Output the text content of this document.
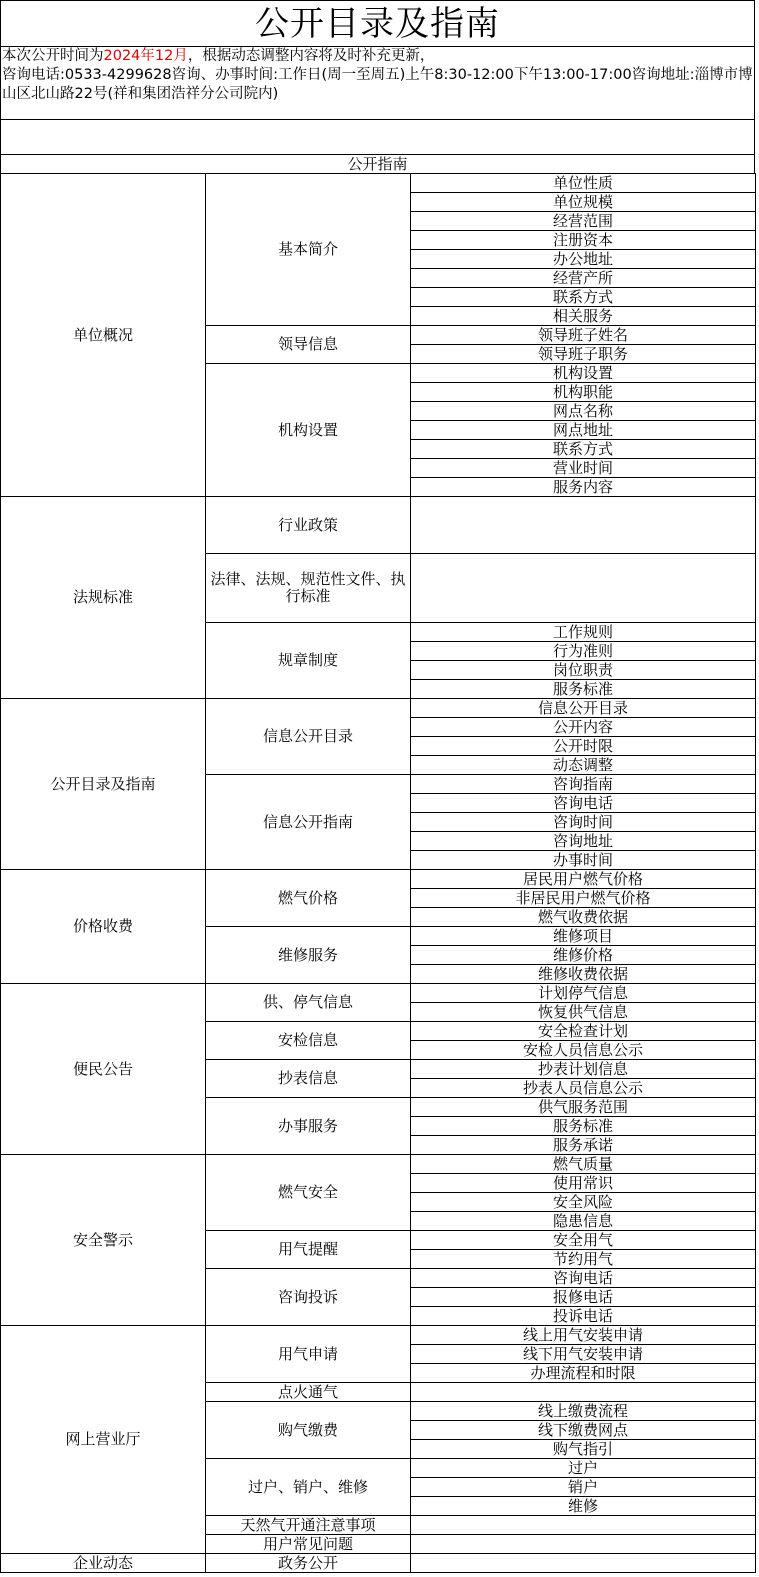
公开目录及指南
本次公开时间为2024年12月，根据动态调整内容将及时补充更新，
咨询电话:0533-4299628咨询、办事时间:工作日(周一至周五)上午8:30-12:00下午13:00-17:00咨询地址:淄博市博山区北山路22号(祥和集团浩祥分公司院内)
公开指南
单位概况	基本简介	单位性质
		单位规模
		经营范围
		注册资本
		办公地址
		经营产所
		联系方式
		相关服务
	领导信息	领导班子姓名
		领导班子职务
	机构设置	机构设置
		机构职能
		网点名称
		网点地址
		联系方式
		营业时间
		服务内容
法规标准	行业政策	
	法律、法规、规范性文件、执行标准	
	规章制度	工作规则
		行为准则
		岗位职责
		服务标准
公开目录及指南	信息公开目录	信息公开目录
		公开内容
		公开时限
		动态调整
	信息公开指南	咨询指南
		咨询电话
		咨询时间
		咨询地址
		办事时间
价格收费	燃气价格	居民用户燃气价格
		非居民用户燃气价格
		燃气收费依据
	维修服务	维修项目
		维修价格
		维修收费依据
便民公告	供、停气信息	计划停气信息
		恢复供气信息
	安检信息	安全检查计划
		安检人员信息公示
	抄表信息	抄表计划信息
		抄表人员信息公示
	办事服务	供气服务范围
		服务标准
		服务承诺
安全警示	燃气安全	燃气质量
		使用常识
		安全风险
		隐患信息
	用气提醒	安全用气
		节约用气
	咨询投诉	咨询电话
		报修电话
		投诉电话
网上营业厅	用气申请	线上用气安装申请
		线下用气安装申请
		办理流程和时限
	点火通气	
	购气缴费	线上缴费流程
		线下缴费网点
		购气指引
	过户、销户、维修	过户
		销户
		维修
	天然气开通注意事项	
	用户常见问题	
企业动态	政务公开	
